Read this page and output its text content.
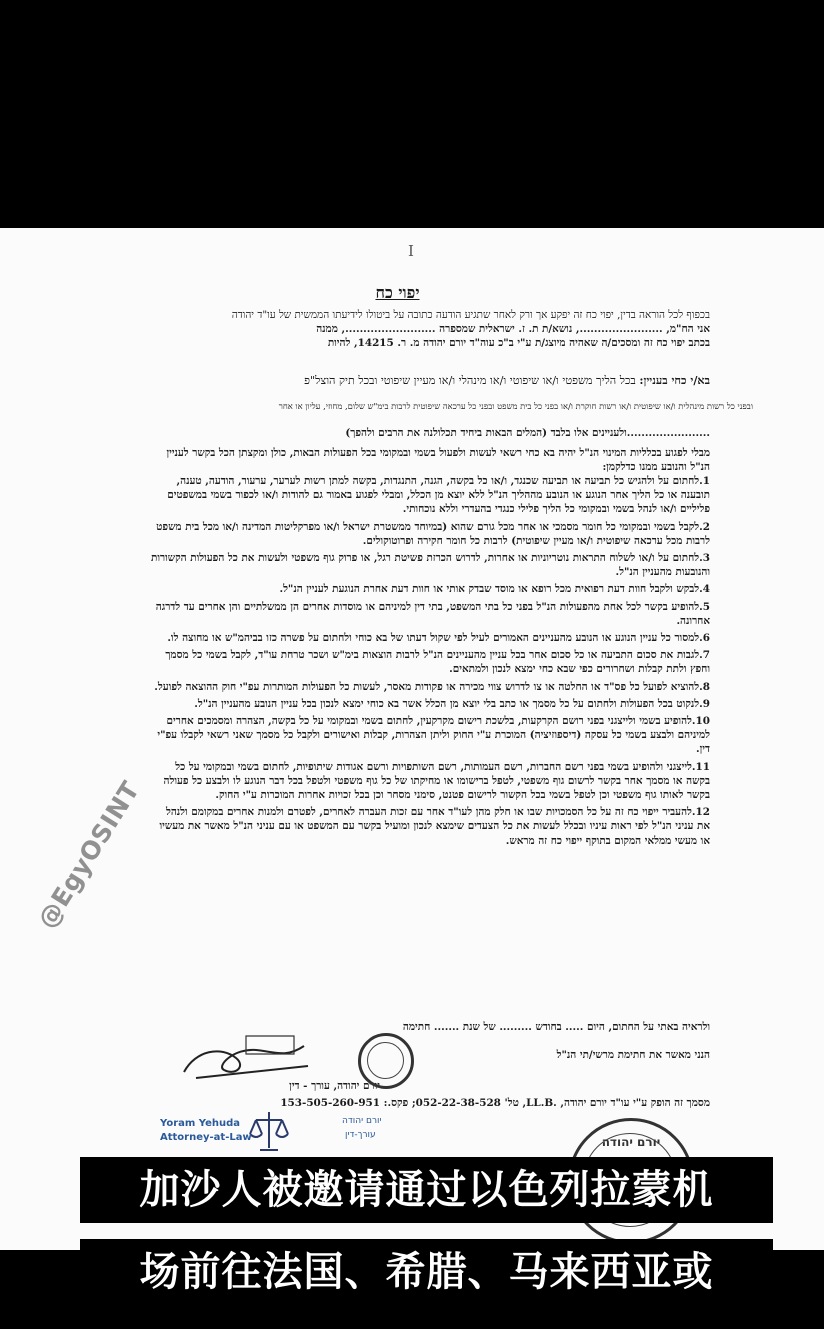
I
יפוי כח
בכפוף לכל הוראה בדין, יפוי כח זה יפקע אך ורק לאחר שתגיע הודעה כתובה על ביטולו לידיעתו הממשית של עו"ד יהודה
אני הח"מ, ......................., נושא/ת ת. ז. ישראלית שמספרה ........................., ממנה
בכתב יפוי כח זה ומסכים/ה שאהיה מיוצג/ת ע"י ב"כ עוה"ד יורם יהודה מ. ר. 14215, להיות
בא/י כחי בעניין: בכל הליך משפטי ו/או שיפוטי ו/או מינהלי ו/או מעיין שיפוטי ובכל תיק הוצל"פ
ובפני כל רשות מינהלית ו/או שיפוטית ו/או רשות חוקרת ו/או בפני כל בית משפט ובפני כל ערכאה שיפוטית לרבות בימ"ש שלום, מחוזי, עליון או אחר
.......................ולעניינים אלו בלבד (המלים הבאות ביחיד תכלולנה את הרבים ולהפך)
מבלי לפגוע בכלליות המינוי הנ"ל יהיה בא כחי רשאי לעשות ולפעול בשמי ובמקומי בכל הפעולות הבאות, כולן ומקצתן הכל בקשר לעניין הנ"ל והנובע ממנו כדלקמן:
1.לחתום על ולהגיש כל תביעה או תביעה שכנגד, ו/או כל בקשה, הגנה, התנגדות, בקשה למתן רשות לערער, ערעור, הודעה, טענה, תובענה או כל הליך אחר הנוגע או הנובע מההליך הנ"ל ללא יוצא מן הכלל, ומבלי לפגוע באמור גם להודות ו/או לכפור בשמי במשפטים פליליים ו/או לנהל בשמי ובמקומי כל הליך פלילי כנגדי בהעדרי וללא נוכחותי.
2.לקבל בשמי ובמקומי כל חומר מסמכי או אחר מכל גורם שהוא (במיוחד ממשטרת ישראל ו/או מפרקליטות המדינה ו/או מכל בית משפט לרבות מכל ערכאה שיפוטית ו/או מעיין שיפוטית) לרבות כל חומר חקירה ופרוטוקולים.
3.לחתום על ו/או לשלוח התראות נוטריוניות או אחרות, לדרוש הכרזת פשיטת רגל, או פרוק גוף משפטי ולעשות את כל הפעולות הקשורות והנובעות מהעניין הנ"ל.
4.לבקש ולקבל חוות דעת רפואית מכל רופא או מוסד שבדק אותי או חוות דעת אחרת הנוגעת לעניין הנ"ל.
5.להופיע בקשר לכל אחת מהפעולות הנ"ל בפני כל בתי המשפט, בתי דין למיניהם או מוסדות אחרים הן ממשלתיים והן אחרים עד לדרגה אחרונה.
6.למסור כל עניין הנוגע או הנובע מהעניינים האמורים לעיל לפי שקול דעתו של בא כוחי ולחתום על פשרה כזו בביהמ"ש או מחוצה לו.
7.לגבות את סכום התביעה או כל סכום אחר בכל עניין מהעניינים הנ"ל לרבות הוצאות בימ"ש ושכר טרחת עו"ד, לקבל בשמי כל מסמך וחפץ ולתת קבלות ושחרורים כפי שבא כחי ימצא לנכון ולמתאים.
8.להוציא לפועל כל פס"ד או החלטה או צו לדרוש צווי מכירה או פקודות מאסר, לעשות כל הפעולות המותרות עפ"י חוק ההוצאה לפועל.
9.לנקוט בכל הפעולות ולחתום על כל מסמך או כתב בלי יוצא מן הכלל אשר בא כוחי ימצא לנכון בכל עניין הנובע מהעניין הנ"ל.
10.להופיע בשמי ולייצגני בפני רושם הקרקעות, בלשכת רישום מקרקעין, לחתום בשמי ובמקומי על כל בקשה, הצהרה ומסמכים אחרים למיניהם ולבצע בשמי כל עסקה (דיספוזיציה) המוכרת ע"י החוק וליתן הצהרות, קבלות ואישורים ולקבל כל מסמך שאני רשאי לקבלו עפ"י דין.
11.לייצגני ולהופיע בשמי בפני רשם החברות, רשם העמותות, רשם השותפויות ורשם אגודות שיתופיות, לחתום בשמי ובמקומי על כל בקשה או מסמך אחר בקשר לרשום גוף משפטי, לטפל ברישומו או מחיקתו של כל גוף משפטי ולטפל בכל דבר הנוגע לו ולבצע כל פעולה בקשר לאותו גוף משפטי וכן לטפל בשמי בכל הקשור לרישום פטנט, סימני מסחר וכן בכל זכויות אחרות המוכרות ע"י החוק.
12.להעביר ייפוי כח זה על כל הסמכויות שבו או חלק מהן לעו"ד אחר עם זכות העברה לאחרים, לפטרם ולמנות אחרים במקומם ולנהל את עניני הנ"ל לפי ראות עיניו ובכלל לעשות את כל הצעדים שימצא לנכון ומועיל בקשר עם המשפט או עם עניני הנ"ל מאשר את מעשיו או מעשי ממלאי המקום בתוקף ייפוי כח זה מראש.
ולראיה באתי על החתום, היום ..... בחודש ......... של שנת ....... חתימה
הנני מאשר את חתימת מרשי/תי הנ"ל
יורם יהודה, עורך - דין
מסמך זה הופק ע"י עו"ד יורם יהודה, .LL.B, טל' 052-22-38-528; פקס.: 153-505-260-951
Yoram Yehuda
Attorney-at-Law
יורם יהודה
עורך-דין	יורם יהודה
@EgyOSINT
加沙人被邀请通过以色列拉蒙机
场前往法国、希腊、马来西亚或
